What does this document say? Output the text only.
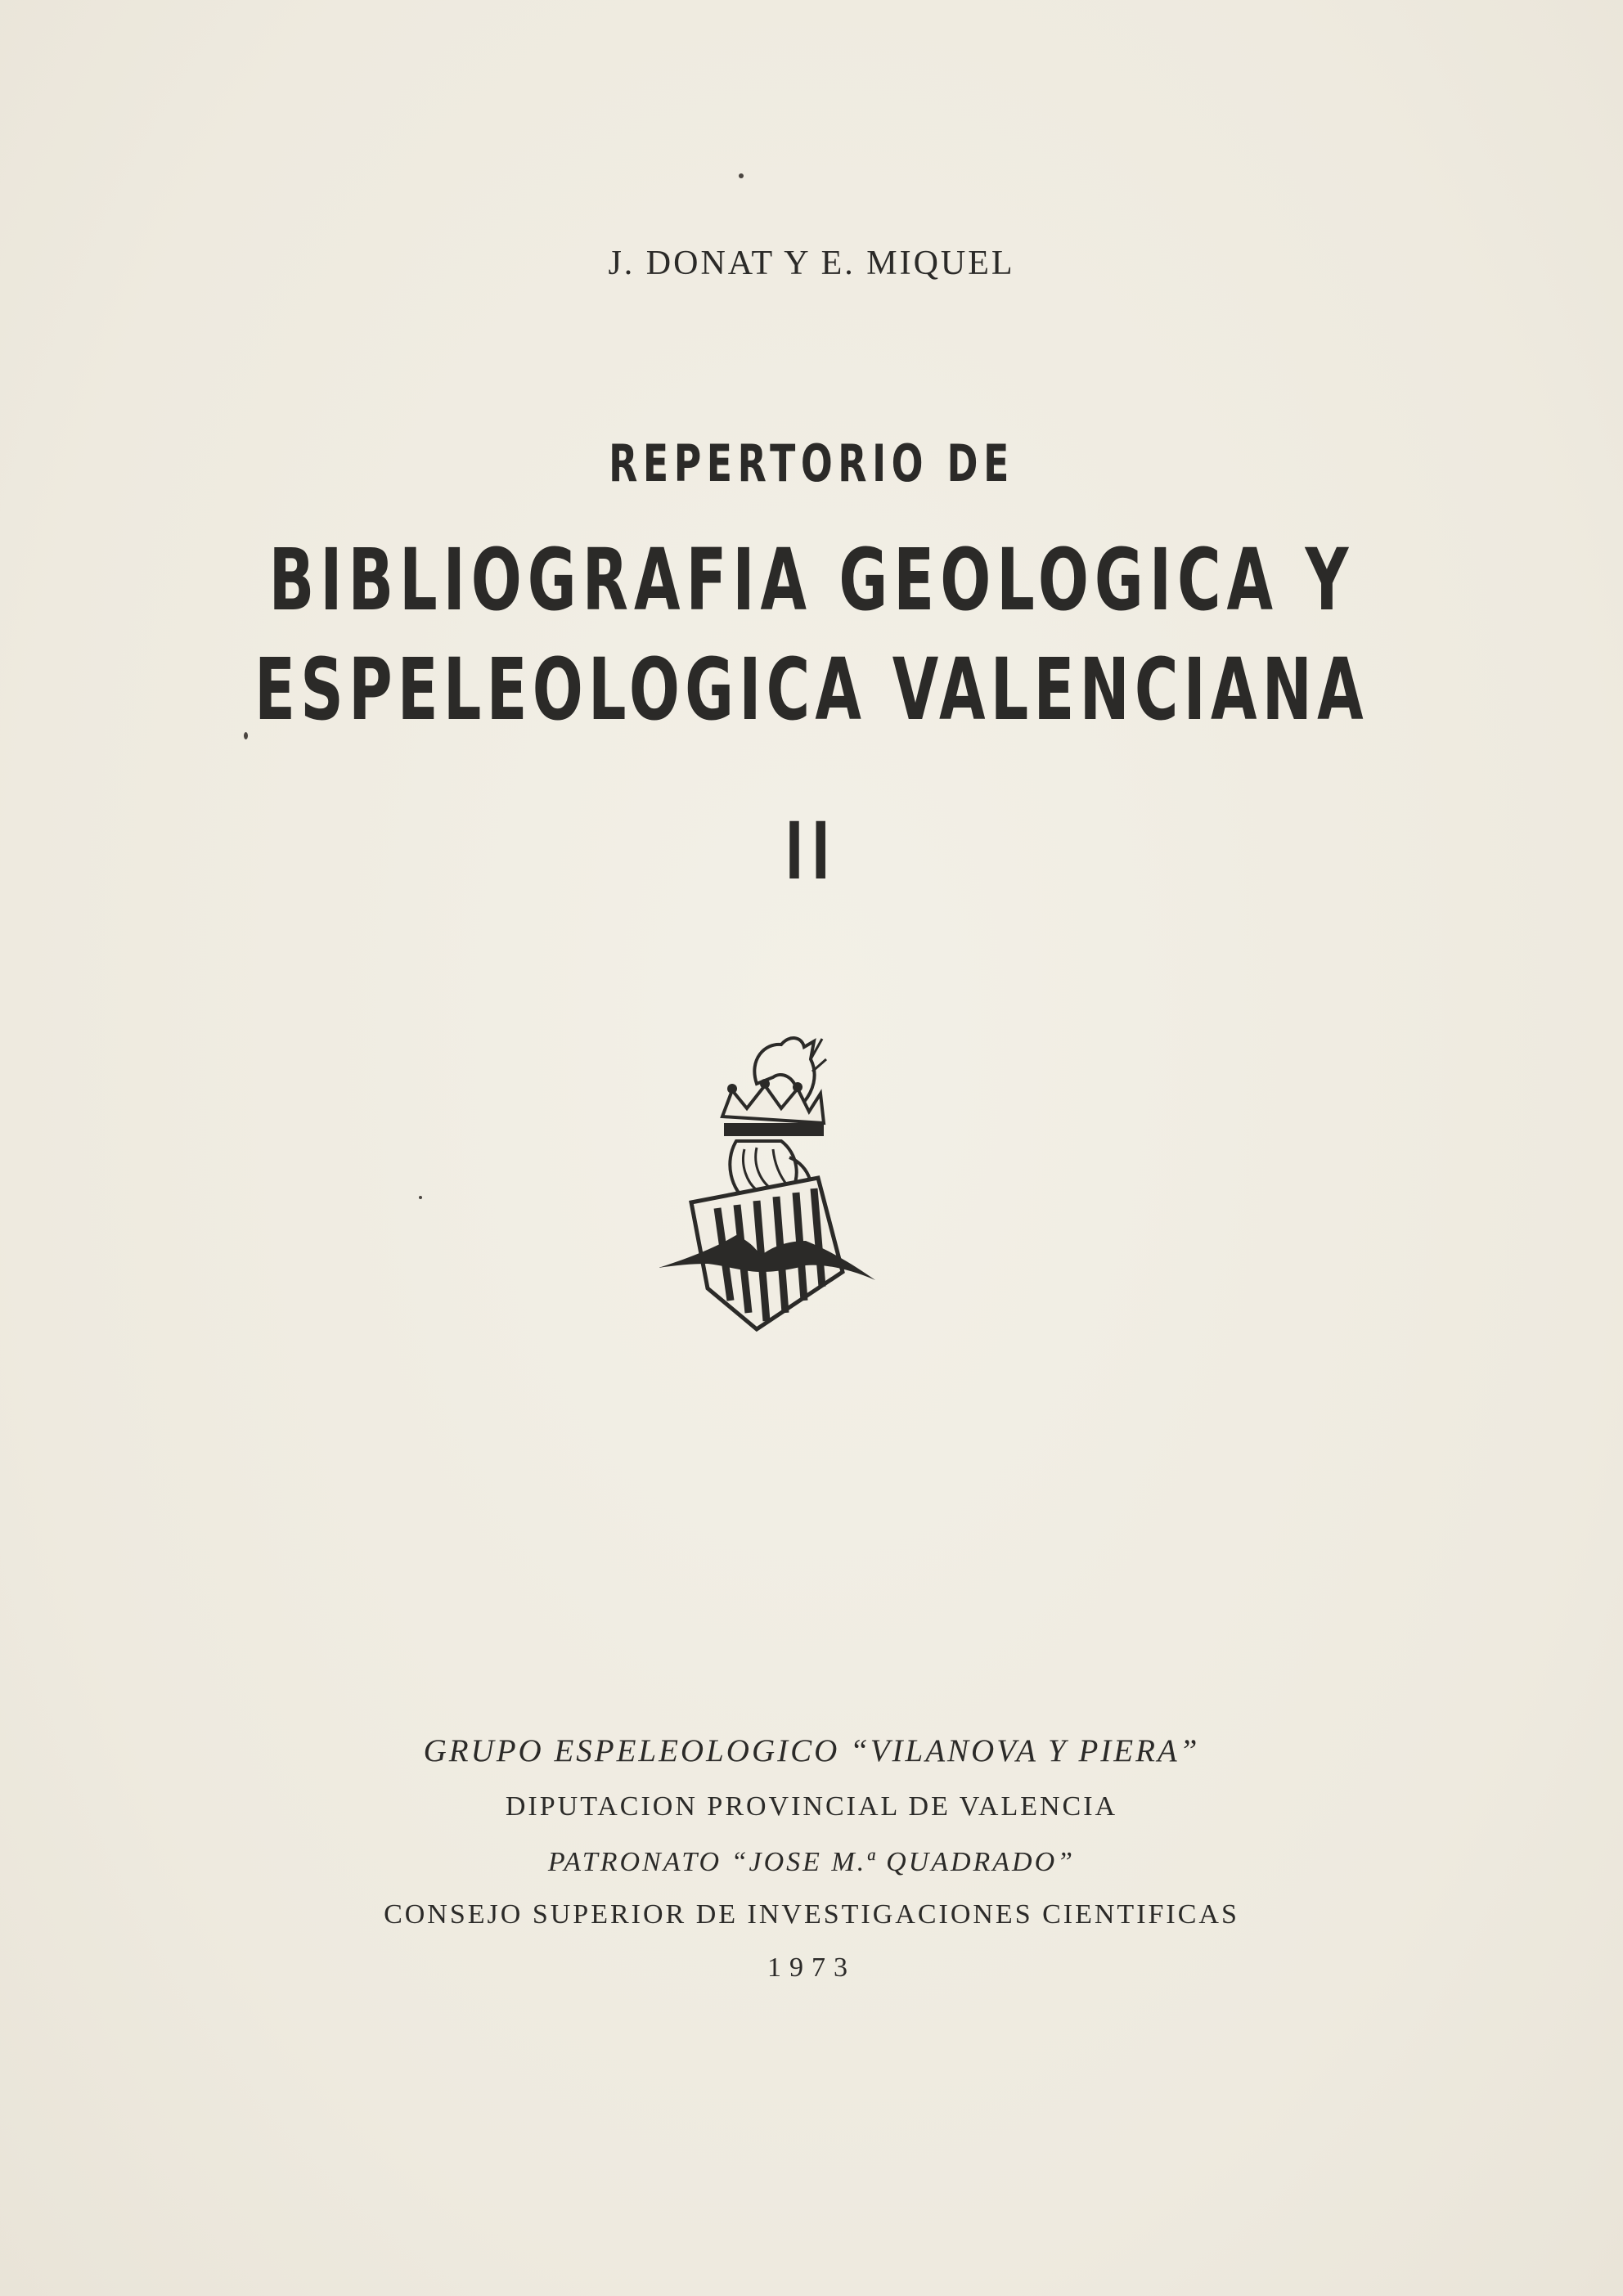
J. DONAT Y E. MIQUEL
REPERTORIO DE
BIBLIOGRAFIA GEOLOGICA Y
ESPELEOLOGICA VALENCIANA
II
GRUPO ESPELEOLOGICO “VILANOVA Y PIERA”
DIPUTACION PROVINCIAL DE VALENCIA
PATRONATO “JOSE M.ª QUADRADO”
CONSEJO SUPERIOR DE INVESTIGACIONES CIENTIFICAS
1973
